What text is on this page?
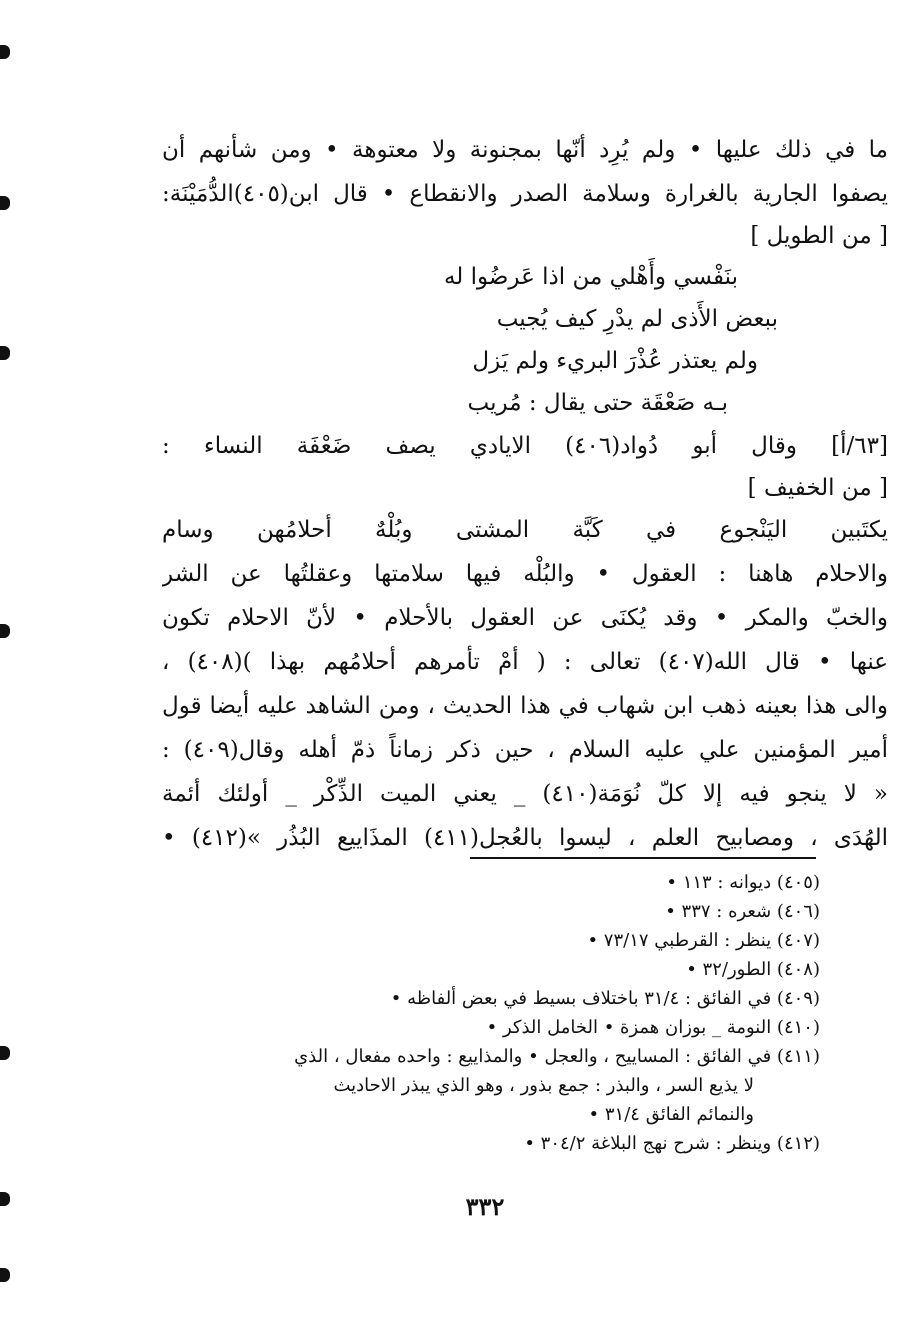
ما في ذلك عليها • ولم يُرِد أنّها بمجنونة ولا معتوهة • ومن شأنهم أن
يصفوا الجارية بالغرارة وسلامة الصدر والانقطاع • قال ابن(٤٠٥)الدُّمَيْنَة:
[ من الطويل ]
بنَفْسي وأَهْلي من اذا عَرضُوا له
ببعض الأَذى لم يدْرِ كيف يُجيب
ولم يعتذر عُذْرَ البريء ولم يَزل
بـه صَعْقَة حتى يقال : مُريب
[٦٣/أ] وقال أبو دُواد(٤٠٦) الايادي يصف ضَعْفَة النساء :
[ من الخفيف ]
يكتَبين اليَنْجوع في كَبَّة المشتى وبُلْهٌ أحلامُهن وسام
والاحلام هاهنا : العقول • والبُلْه فيها سلامتها وعقلتُها عن الشر
والخبّ والمكر • وقد يُكنَى عن العقول بالأحلام • لأنّ الاحلام تكون
عنها • قال الله(٤٠٧) تعالى : ( أمْ تأمرهم أحلامُهم بهذا )(٤٠٨) ،
والى هذا بعينه ذهب ابن شهاب في هذا الحديث ، ومن الشاهد عليه أيضا قول
أمير المؤمنين علي عليه السلام ، حين ذكر زماناً ذمّ أهله وقال(٤٠٩) :
« لا ينجو فيه إلا كلّ نُوَمَة(٤١٠) _ يعني الميت الذِّكْر _ أولئك أئمة
الهُدَى ، ومصابيح العلم ، ليسوا بالعُجل(٤١١) المذَاييع البُذُر »(٤١٢) •
(٤٠٥) ديوانه : ١١٣ •
(٤٠٦) شعره : ٣٣٧ •
(٤٠٧) ينظر : القرطبي ٧٣/١٧ •
(٤٠٨) الطور/٣٢ •
(٤٠٩) في الفائق : ٣١/٤ باختلاف بسيط في بعض ألفاظه •
(٤١٠) النومة _ بوزان همزة • الخامل الذكر •
(٤١١) في الفائق : المساييح ، والعجل • والمذاييع : واحده مفعال ، الذي
لا يذيع السر ، والبذر : جمع بذور ، وهو الذي يبذر الاحاديث
والنمائم الفائق ٣١/٤ •
(٤١٢) وينظر : شرح نهج البلاغة ٣٠٤/٢ •
٣٣٢
